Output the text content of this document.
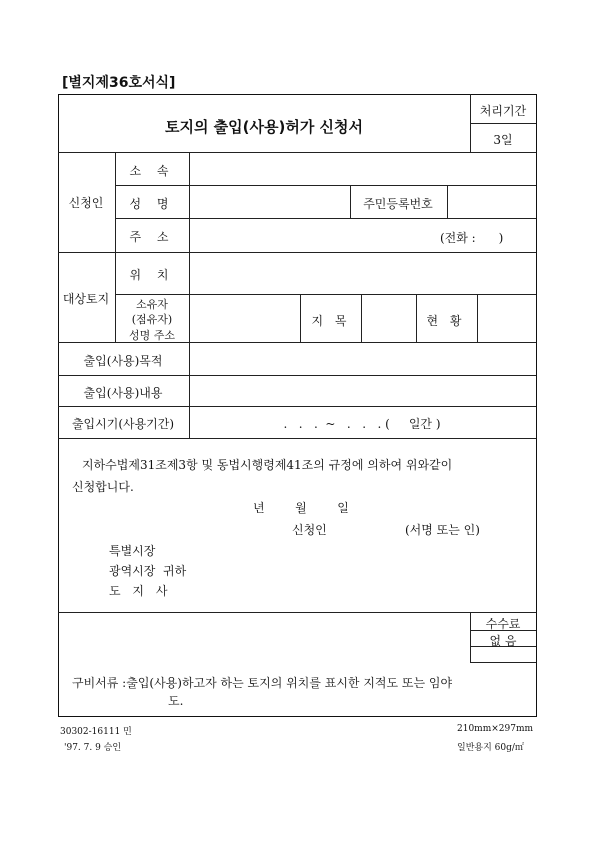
[별지제36호서식]
토지의 출입(사용)허가 신청서
처리기간
3일
신청인
소 속
성 명	주민등록번호
주 소	(전화 :      )
대상토지
위 치
소유자
(점유자)
성명 주소
지 목	현 황
출입(사용)목적
출입(사용)내용
출입시기(사용기간)	.   .   .  ~   .   .   . (     일간 )
지하수법제31조제3항 및 동법시행령제41조의 규정에 의하여 위와같이
신청합니다.
년        월        일
신청인	(서명 또는 인)
특별시장
광역시장  귀하
도 지 사
수수료
없 음
구비서류 :출입(사용)하고자 하는 토지의 위치를 표시한 지적도 또는 임야
도.
30302-16111 민
'97. 7. 9 승인
210mm×297mm
일반용지 60g/㎡
